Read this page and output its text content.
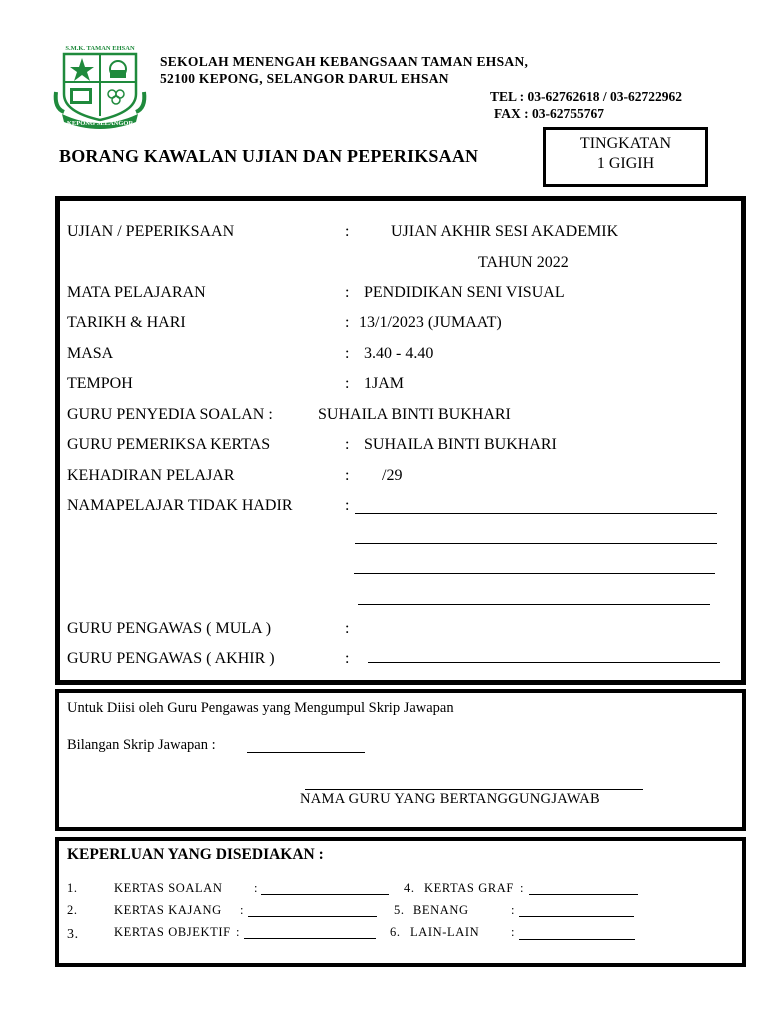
S.M.K. TAMAN EHSAN
KEPONG SELANGOR
SEKOLAH MENENGAH KEBANGSAAN TAMAN EHSAN,
52100 KEPONG, SELANGOR DARUL EHSAN
TEL : 03-62762618 / 03-62722962
FAX : 03-62755767
BORANG KAWALAN UJIAN DAN PEPERIKSAAN
TINGKATAN
1 GIGIH
UJIAN / PEPERIKSAAN	:	UJIAN AKHIR SESI AKADEMIK
TAHUN 2022
MATA PELAJARAN	: PENDIDIKAN SENI VISUAL
TARIKH & HARI	: 13/1/2023 (JUMAAT)
MASA	: 3.40 - 4.40
TEMPOH	: 1JAM
GURU PENYEDIA SOALAN :	SUHAILA BINTI BUKHARI
GURU PEMERIKSA KERTAS	: SUHAILA BINTI BUKHARI
KEHADIRAN PELAJAR	: /29
NAMAPELAJAR TIDAK HADIR	:
GURU PENGAWAS ( MULA )	:
GURU PENGAWAS ( AKHIR )	:
Untuk Diisi oleh Guru Pengawas yang Mengumpul Skrip Jawapan
Bilangan Skrip Jawapan :
NAMA GURU YANG BERTANGGUNGJAWAB
KEPERLUAN YANG DISEDIAKAN :
1.	KERTAS SOALAN	:
2.	KERTAS KAJANG :
3.	KERTAS OBJEKTIF :
4. KERTAS GRAF :
5. BENANG	:
6. LAIN-LAIN	:
